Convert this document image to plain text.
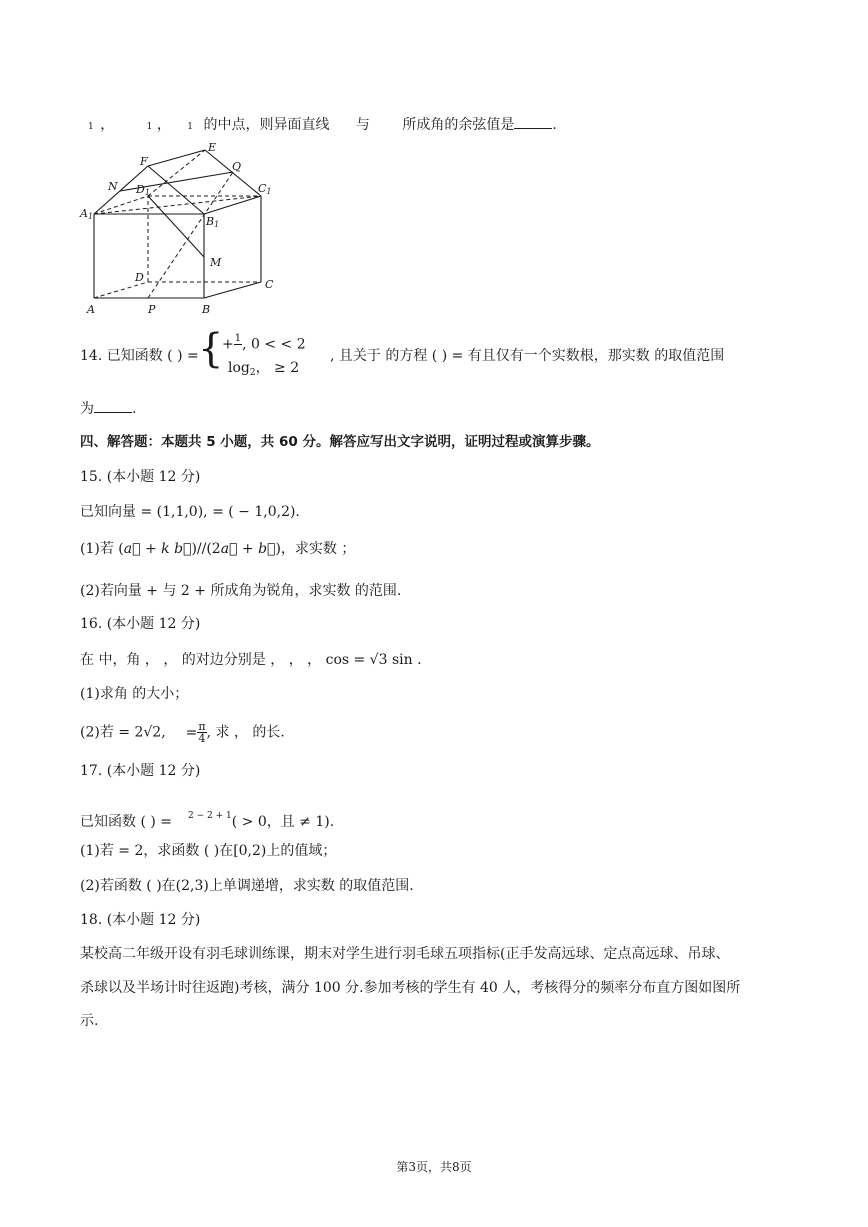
1 ，	1 ， 1 的中点，则异面直线 与 所成角的余弦值是	.
E
F	Q
N D1	C1
A1	B1
M
D
C
A	P	B
14. 已知函数 ( ) = {
+ 1
, 0 < < 2
$\log_2$， ≥ 2
, 且关于 的方程 ( ) = 有且仅有一个实数根，那实数 的取值范围
为	.
四、解答题：本题共 5 小题，共 60 分。解答应写出文字说明，证明过程或演算步骤。
15. (本小题 12 分)
已知向量 = (1,1,0), = ( − 1,0,2).
(1)若 (a⃗ + k b⃗)//(2a⃗ + b⃗)，求实数 ；
(2)若向量 + 与 2 + 所成角为锐角，求实数 的范围.
16. (本小题 12 分)
在 中，角 ， ， 的对边分别是 ， ， ， cos = √3 sin .
(1)求角 的大小；
(2)若 = 2√2, = $\frac{\pi}{4}$ , 求 ， 的长.
17. (本小题 12 分)
已知函数 ( ) = $^{2 - 2 + 1}$( > 0，且 ≠ 1).
(1)若 = 2，求函数 ( )在[0,2)上的值域；
(2)若函数 ( )在(2,3)上单调递增，求实数 的取值范围.
18. (本小题 12 分)
某校高二年级开设有羽毛球训练课，期末对学生进行羽毛球五项指标(正手发高远球、定点高远球、吊球、
杀球以及半场计时往返跑)考核，满分 100 分.参加考核的学生有 40 人，考核得分的频率分布直方图如图所
示.
第3页，共8页
